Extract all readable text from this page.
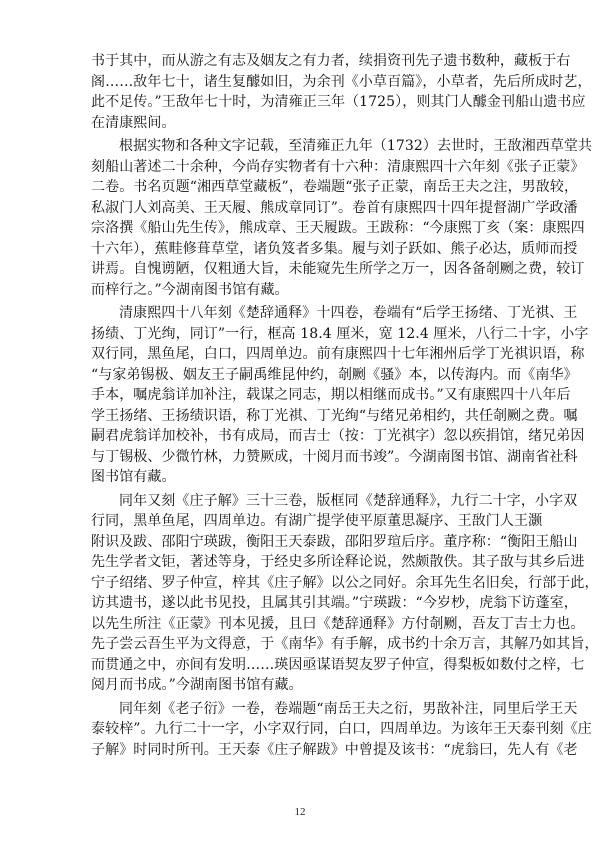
书于其中，而从游之有志及姻友之有力者，续捐资刊先子遗书数种，藏板于右
阁……敌年七十，诸生复醵如旧，为余刊《小草百篇》，小草者，先后所成时艺，
此不足传。”王敌年七十时，为清雍正三年（1725），则其门人醵金刊船山遗书应
在清康熙间。
根据实物和各种文字记载，至清雍正九年（1732）去世时，王敔湘西草堂共
刻船山著述二十余种，今尚存实物者有十六种：清康熙四十六年刻《张子正蒙》
二卷。书名页题“湘西草堂藏板”，卷端题“张子正蒙，南岳王夫之注，男敔较，
私淑门人刘高美、王天履、熊成章同订”。卷首有康熙四十四年提督湖广学政潘
宗洛撰《船山先生传》，熊成章、王天履跋。王跋称：“今康熙丁亥（案：康熙四
十六年），蕉畦修葺草堂，诸负笈者多集。履与刘子跃如、熊子必达，质师而授
讲焉。自愧谫陋，仅粗通大旨，未能窥先生所学之万一，因各备剞劂之费，较订
而梓行之。”今湖南图书馆有藏。
清康熙四十八年刻《楚辞通释》十四卷，卷端有“后学王扬绪、丁光祺、王
扬绩、丁光绚，同订”一行，框高 18.4 厘米，宽 12.4 厘米，八行二十字，小字
双行同，黑鱼尾，白口，四周单边。前有康熙四十七年湘州后学丁光祺识语，称
“与家弟锡极、姻友王子嗣禹维昆仲约，剞劂《骚》本，以传海内。而《南华》
手本，嘱虎翁详加补注，载谋之同志，期以相继而成书。”又有康熙四十八年后
学王扬绪、王扬绩识语，称丁光祺、丁光绚“与绪兄弟相约，共任剞劂之费。嘱
嗣君虎翁详加校补，书有成局，而吉士（按：丁光祺字）忽以疾捐馆，绪兄弟因
与丁锡极、少微竹林，力赞厥成，十阅月而书竣”。今湖南图书馆、湖南省社科
图书馆有藏。
同年又刻《庄子解》三十三卷，版框同《楚辞通释》，九行二十字，小字双
行同，黑单鱼尾，四周单边。有湖广提学使平原董思凝序、王敔门人王灏
附识及跋、邵阳宁瑛跋，衡阳王天泰跋，邵阳罗瑄后序。董序称：“衡阳王船山
先生学者文钜，著述等身，于经史多所诠释论说，然颇散佚。其子敔与其乡后进
宁子绍绪、罗子仲宣，梓其《庄子解》以公之同好。余耳先生名旧矣，行部于此，
访其遗书，遂以此书见投，且属其引其端。”宁瑛跋：“今岁杪，虎翁下访蓬室，
以先生所注《正蒙》刊本见援，且曰《楚辞通释》方付剞劂，吾友丁吉士力也。
先子尝云吾生平为文得意，于《南华》有手解，成书约十余万言，其解乃如其旨，
而贯通之中，亦间有发明……瑛因亟谋语契友罗子仲宣，得梨板如数付之梓，七
阅月而书成。”今湖南图书馆有藏。
同年刻《老子衍》一卷，卷端题“南岳王夫之衍，男敔补注，同里后学王天
泰较梓”。九行二十一字，小字双行同，白口，四周单边。为该年王天泰刊刻《庄
子解》时同时所刊。王天泰《庄子解跋》中曾提及该书：“虎翁曰，先人有《老
12
